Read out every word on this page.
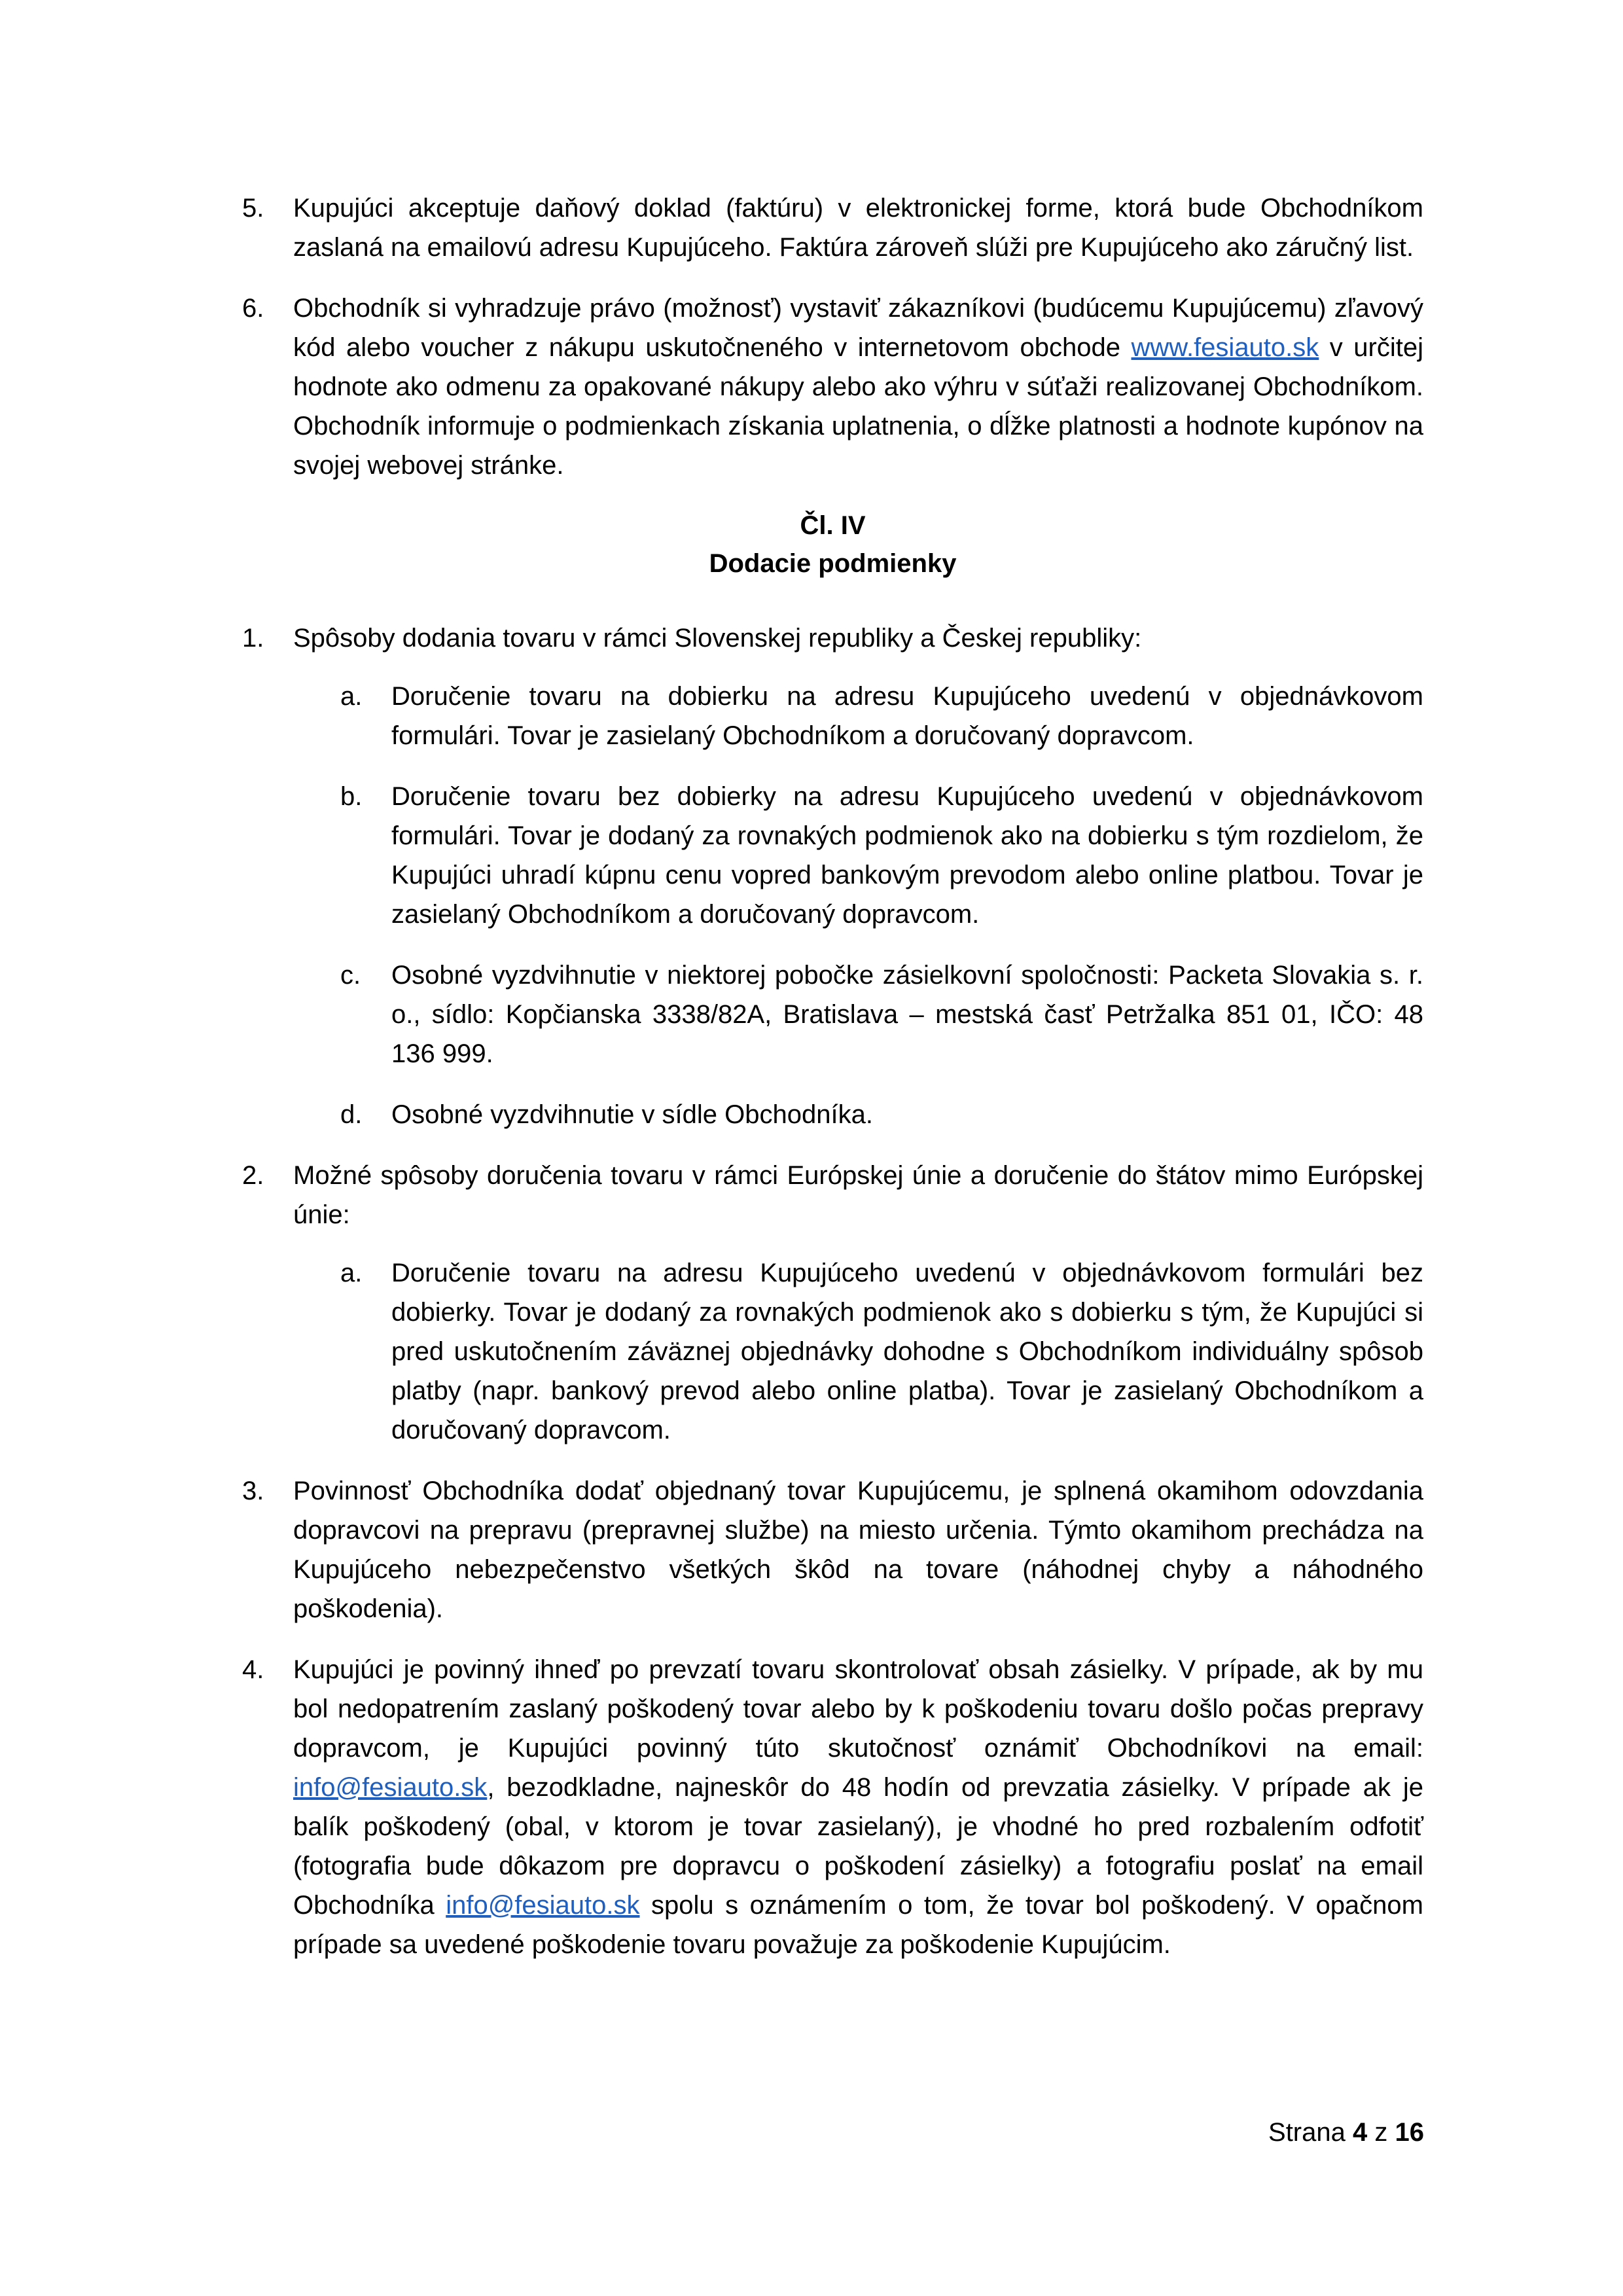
5. Kupujúci akceptuje daňový doklad (faktúru) v elektronickej forme, ktorá bude Obchodníkom zaslaná na emailovú adresu Kupujúceho. Faktúra zároveň slúži pre Kupujúceho ako záručný list.
6. Obchodník si vyhradzuje právo (možnosť) vystaviť zákazníkovi (budúcemu Kupujúcemu) zľavový kód alebo voucher z nákupu uskutočneného v internetovom obchode www.fesiauto.sk v určitej hodnote ako odmenu za opakované nákupy alebo ako výhru v súťaži realizovanej Obchodníkom. Obchodník informuje o podmienkach získania uplatnenia, o dĺžke platnosti a hodnote kupónov na svojej webovej stránke.
Čl. IV
Dodacie podmienky
1. Spôsoby dodania tovaru v rámci Slovenskej republiky a Českej republiky:
a. Doručenie tovaru na dobierku na adresu Kupujúceho uvedenú v objednávkovom formulári. Tovar je zasielaný Obchodníkom a doručovaný dopravcom.
b. Doručenie tovaru bez dobierky na adresu Kupujúceho uvedenú v objednávkovom formulári. Tovar je dodaný za rovnakých podmienok ako na dobierku s tým rozdielom, že Kupujúci uhradí kúpnu cenu vopred bankovým prevodom alebo online platbou. Tovar je zasielaný Obchodníkom a doručovaný dopravcom.
c. Osobné vyzdvihnutie v niektorej pobočke zásielkovní spoločnosti: Packeta Slovakia s. r. o., sídlo: Kopčianska 3338/82A, Bratislava – mestská časť Petržalka 851 01, IČO: 48 136 999.
d. Osobné vyzdvihnutie v sídle Obchodníka.
2. Možné spôsoby doručenia tovaru v rámci Európskej únie a doručenie do štátov mimo Európskej únie:
a. Doručenie tovaru na adresu Kupujúceho uvedenú v objednávkovom formulári bez dobierky. Tovar je dodaný za rovnakých podmienok ako s dobierku s tým, že Kupujúci si pred uskutočnením záväznej objednávky dohodne s Obchodníkom individuálny spôsob platby (napr. bankový prevod alebo online platba). Tovar je zasielaný Obchodníkom a doručovaný dopravcom.
3. Povinnosť Obchodníka dodať objednaný tovar Kupujúcemu, je splnená okamihom odovzdania dopravcovi na prepravu (prepravnej službe) na miesto určenia. Týmto okamihom prechádza na Kupujúceho nebezpečenstvo všetkých škôd na tovare (náhodnej chyby a náhodného poškodenia).
4. Kupujúci je povinný ihneď po prevzatí tovaru skontrolovať obsah zásielky. V prípade, ak by mu bol nedopatrením zaslaný poškodený tovar alebo by k poškodeniu tovaru došlo počas prepravy dopravcom, je Kupujúci povinný túto skutočnosť oznámiť Obchodníkovi na email: info@fesiauto.sk, bezodkladne, najneskôr do 48 hodín od prevzatia zásielky. V prípade ak je balík poškodený (obal, v ktorom je tovar zasielaný), je vhodné ho pred rozbalením odfotiť (fotografia bude dôkazom pre dopravcu o poškodení zásielky) a fotografiu poslať na email Obchodníka info@fesiauto.sk spolu s oznámením o tom, že tovar bol poškodený. V opačnom prípade sa uvedené poškodenie tovaru považuje za poškodenie Kupujúcim.
Strana 4 z 16
